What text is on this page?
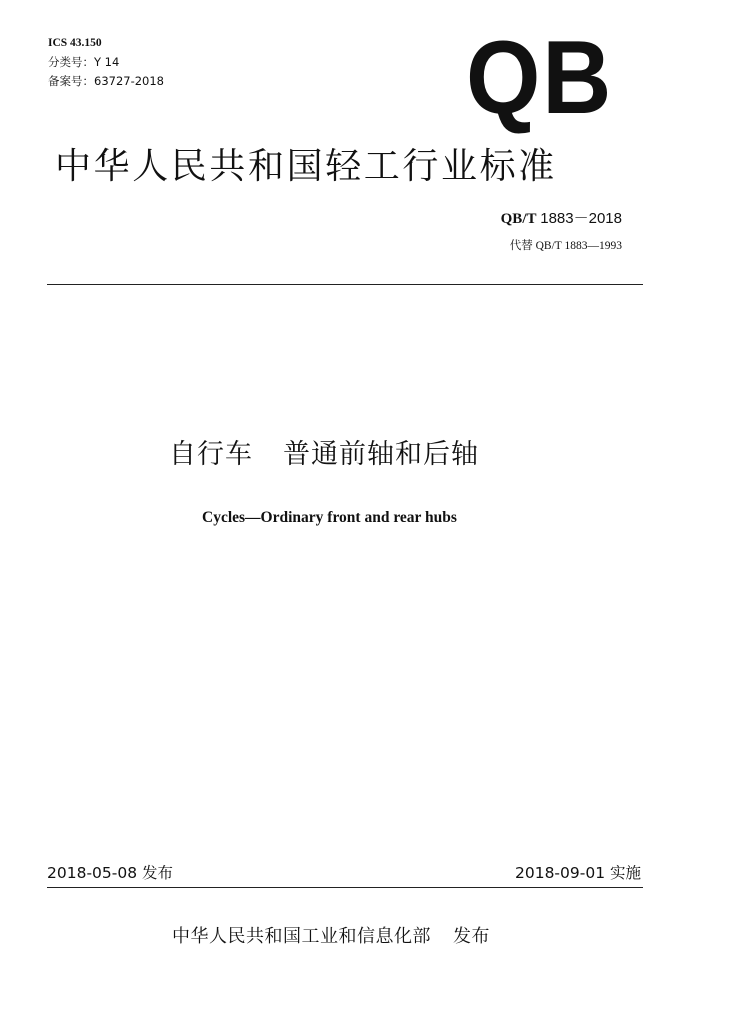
ICS 43.150
分类号：Y 14
备案号：63727-2018	QB
中华人民共和国轻工行业标准
QB/T 1883－2018
代替 QB/T 1883—1993
自行车 普通前轴和后轴
Cycles—Ordinary front and rear hubs
2018-05-08 发布	2018-09-01 实施
中华人民共和国工业和信息化部 发布
